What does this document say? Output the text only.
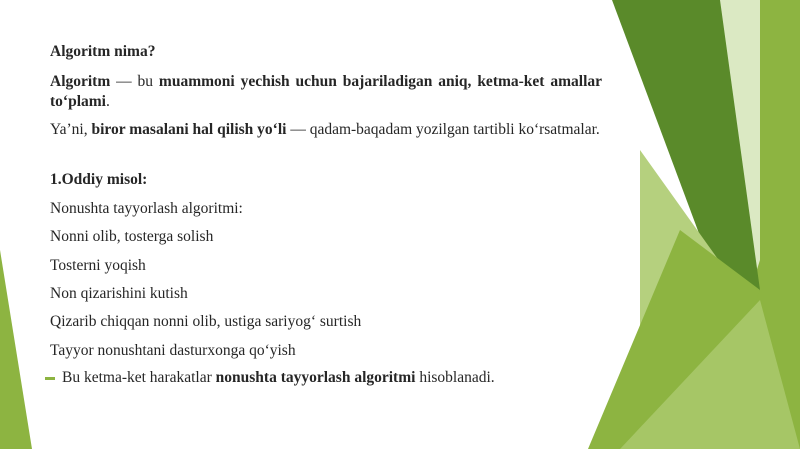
Algoritm nima?
Algoritm — bu muammoni yechish uchun bajariladigan aniq, ketma-ket amallar to‘plami.
Ya’ni, biror masalani hal qilish yo‘li — qadam-baqadam yozilgan tartibli ko‘rsatmalar.
1.Oddiy misol:
Nonushta tayyorlash algoritmi:
Nonni olib, tosterga solish
Tosterni yoqish
Non qizarishini kutish
Qizarib chiqqan nonni olib, ustiga sariyog‘ surtish
Tayyor nonushtani dasturxonga qo‘yish
Bu ketma-ket harakatlar nonushta tayyorlash algoritmi hisoblanadi.
